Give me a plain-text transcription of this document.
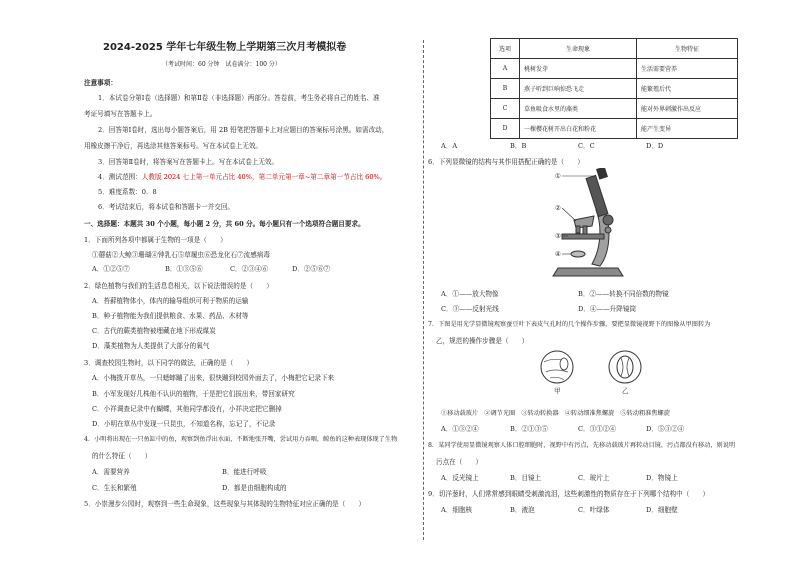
2024-2025 学年七年级生物上学期第三次月考模拟卷
（考试时间：60 分钟　试卷满分：100 分）
注意事项：
1．本试卷分第Ⅰ卷（选择题）和第Ⅱ卷（非选择题）两部分。答卷前，考生务必将自己的姓名、准
考证号填写在答题卡上。
2．回答第Ⅰ卷时，选出每小题答案后，用 2B 铅笔把答题卡上对应题目的答案标号涂黑。如需改动，
用橡皮擦干净后，再选涂其他答案标号。写在本试卷上无效。
3．回答第Ⅱ卷时，将答案写在答题卡上。写在本试卷上无效。
4．测试范围：人教版 2024 七上第一单元占比 40%，第二单元第一章~第二章第一节占比 60%。
5．难度系数：0．8
6．考试结束后，将本试卷和答题卡一并交回。
一、选择题：本题共 30 个小题，每小题 2 分，共 60 分。每小题只有一个选项符合题目要求。
1．下面所列各项中都属于生物的一项是（　　）
①蘑菇②大鲸③珊瑚④钟乳石⑤草履虫⑥恐龙化石⑦流感病毒
A．①②⑤⑦	B．①③⑤⑥	C．②③④⑥	D．②⑤⑥⑦
2．绿色植物与我们的生活息息相关，以下说法错误的是（　　）
A．苔藓植物体小，体内的输导组织可利于物质的运输
B．种子植物能为我们提供粮食、水果、药品、木材等
C．古代的蕨类植物被埋藏在地下形成煤炭
D．藻类植物为人类提供了大部分的氧气
3．调查校园生物时，以下同学的做法，正确的是（　　）
A．小梅拨开草丛，一只蟋蟀蹦了出来，很快蹦到校园外面去了，小梅把它记录下来
B．小军发现好几株他不认识的植物，于是把它们拔出来，带回家研究
C．小祥调查记录中有蝴蝶，其他同学都没有，小祥决定把它删掉
D．小明在草丛中发现一只昆虫，不知道名称，忘记了，不记录
4．小明将出现在一只鱼缸中的鱼，观察到鱼浮出水面，不断地张开嘴，尝试用力吞咽，鲸鱼的这种表现体现了生物
的什么特征（　　）
A．需要营养	B．能进行呼吸
C．生长和繁殖	D．都是由细胞构成的
5．小崇漫步公园时，观察到一些生命现象，这些现象与其体现的生物特征对应正确的是（　　）
选项	生命现象	生物特征
A	桃树发芽	生活需要营养
B	燕子听到巨响惊恐飞走	能繁殖后代
C	草鱼吸食水里的藻类	能对外界刺激作出反应
D	一棵樱花树开出白花和粉花	能产生变异
A．A	B．B	C．C	D．D
6．下列显微镜的结构与其作用搭配正确的是（　　）
①
②
③
④
A．①——放大物像	B．②——转换不同倍数的物镜
C．③——反射光线	D．④——升降镜筒
7．下图是用光学显微镜观察蚕豆叶下表皮气孔时的几个操作步骤，要把显微镜视野下的图像从甲图转为
乙，规范的操作步骤是（　　）
甲	乙
①移动载玻片　②调节光圈　③转动转换器　④转动细准焦螺旋　⑤转动粗准焦螺旋
A．①③②④	B．②①③⑤	C．③①②④	D．⑤③②④
8．某同学使用显微镜观察人体口腔细胞时，视野中有污点，先移动载玻片再转动目镜，污点都没有移动，则说明
污点在（　　）
A．反光镜上	B．目镜上	C．玻片上	D．物镜上
9．切洋葱时，人们常常感到眼睛受刺激流泪，这些刺激性的物质存在于下列哪个结构中（　　）
A．细胞核	B．液泡	C．叶绿体	D．细胞壁
